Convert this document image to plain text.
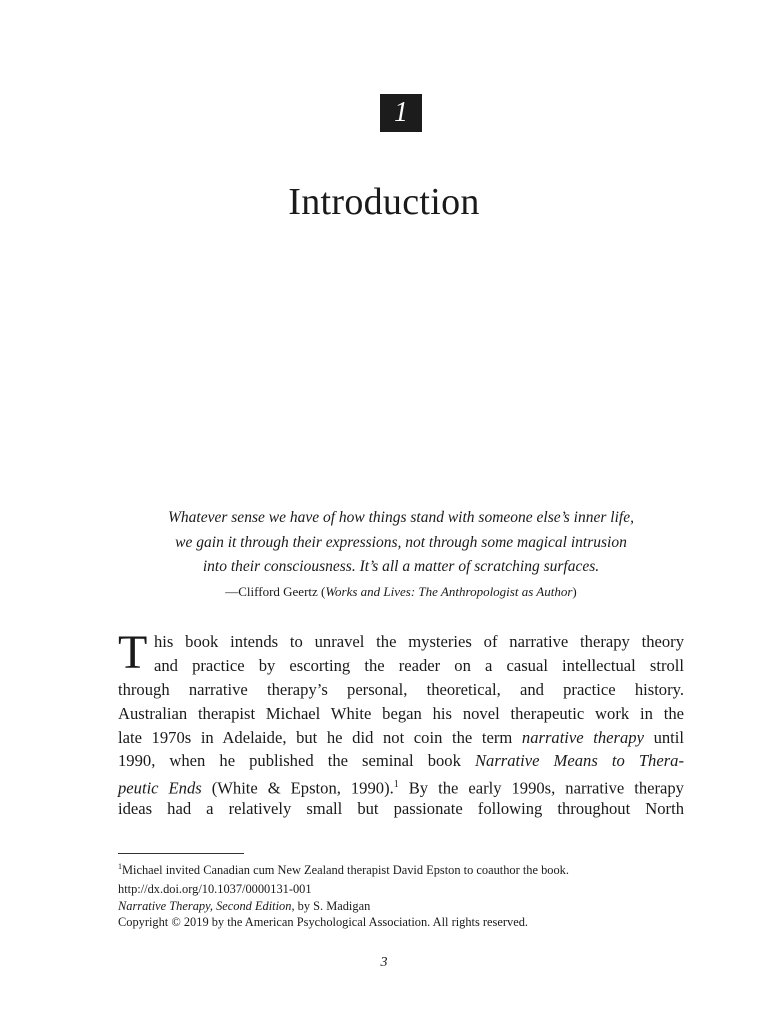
1
Introduction
Whatever sense we have of how things stand with someone else’s inner life,
we gain it through their expressions, not through some magical intrusion
into their consciousness. It’s all a matter of scratching surfaces.
—Clifford Geertz (Works and Lives: The Anthropologist as Author)
T his book intends to unravel the mysteries of narrative therapy theory
and practice by escorting the reader on a casual intellectual stroll
through narrative therapy’s personal, theoretical, and practice history.
Australian therapist Michael White began his novel therapeutic work in the
late 1970s in Adelaide, but he did not coin the term narrative therapy until
1990, when he published the seminal book Narrative Means to Thera-
peutic Ends (White & Epston, 1990).$^1$ By the early 1990s, narrative therapy
ideas had a relatively small but passionate following throughout North
$^1$Michael invited Canadian cum New Zealand therapist David Epston to coauthor the book.
http://dx.doi.org/10.1037/0000131-001
Narrative Therapy, Second Edition, by S. Madigan
Copyright © 2019 by the American Psychological Association. All rights reserved.
3
